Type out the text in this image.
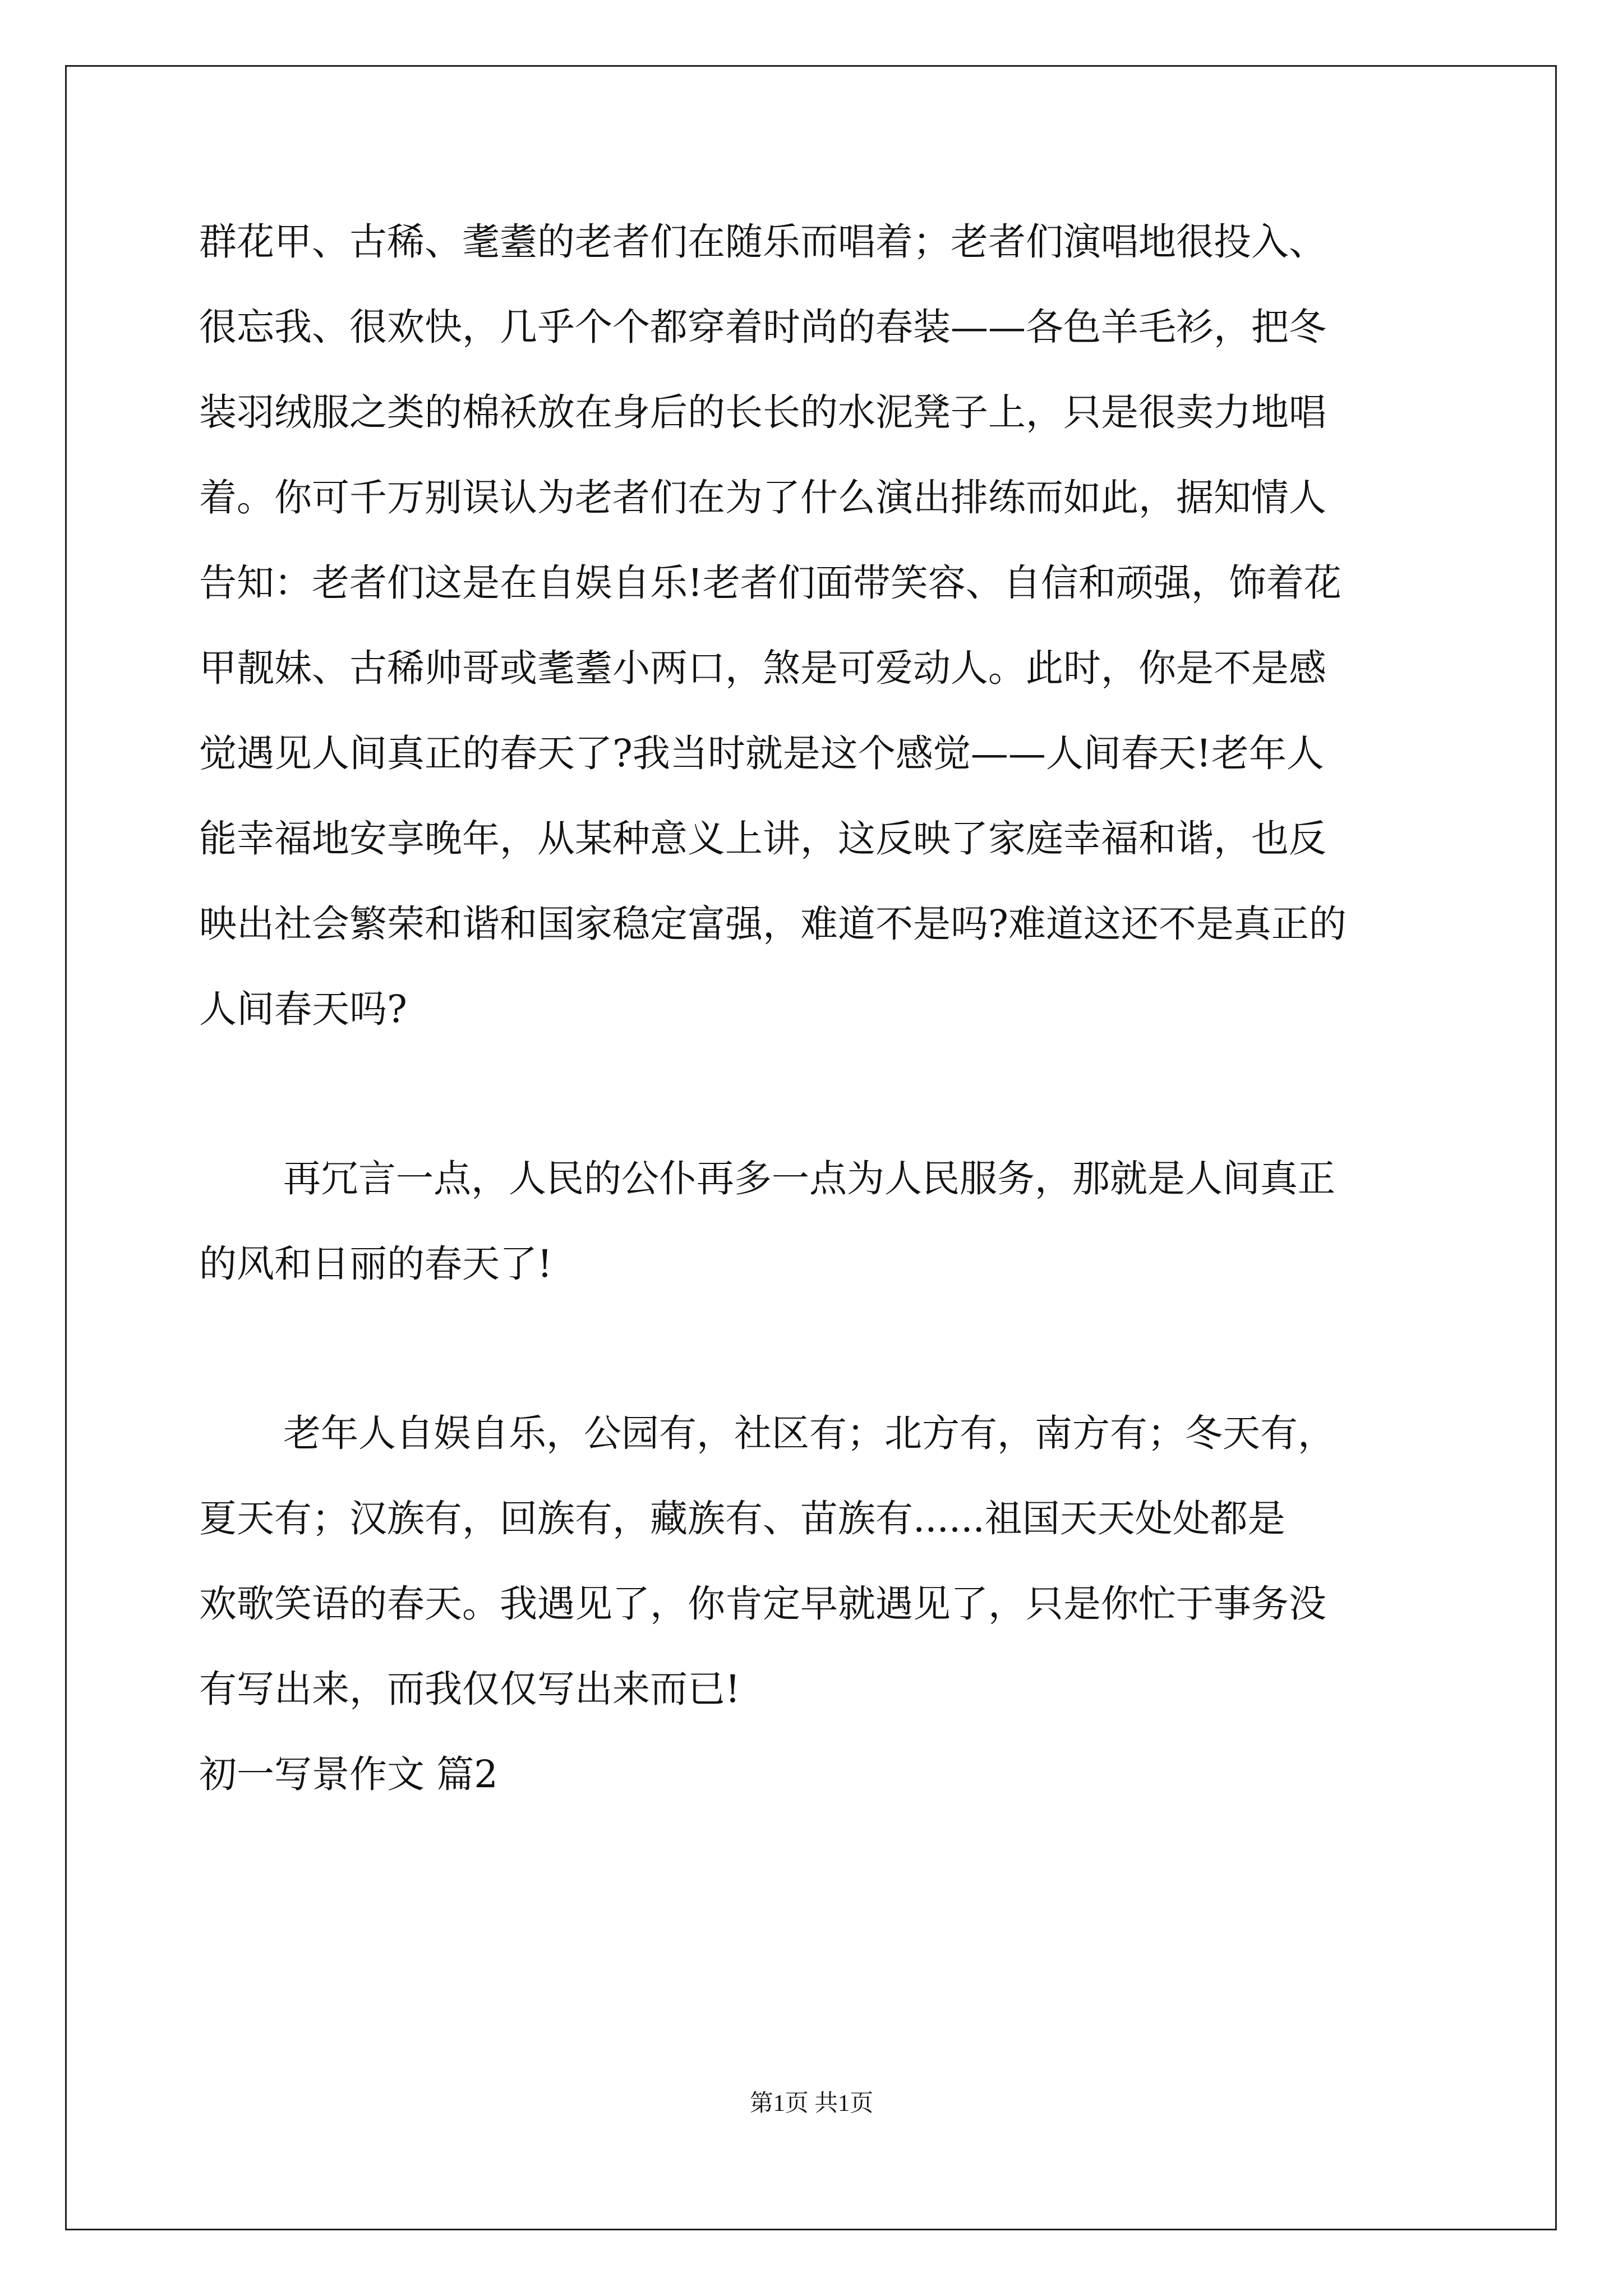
群花甲、古稀、耄耋的老者们在随乐而唱着；老者们演唱地很投入、
很忘我、很欢快，几乎个个都穿着时尚的春装——各色羊毛衫，把冬
装羽绒服之类的棉袄放在身后的长长的水泥凳子上，只是很卖力地唱
着。你可千万别误认为老者们在为了什么演出排练而如此，据知情人
告知：老者们这是在自娱自乐!老者们面带笑容、自信和顽强，饰着花
甲靓妹、古稀帅哥或耄耋小两口，煞是可爱动人。此时，你是不是感
觉遇见人间真正的春天了?我当时就是这个感觉——人间春天!老年人
能幸福地安享晚年，从某种意义上讲，这反映了家庭幸福和谐，也反
映出社会繁荣和谐和国家稳定富强，难道不是吗?难道这还不是真正的
人间春天吗?
再冗言一点，人民的公仆再多一点为人民服务，那就是人间真正
的风和日丽的春天了!
老年人自娱自乐，公园有，社区有；北方有，南方有；冬天有，
夏天有；汉族有，回族有，藏族有、苗族有......祖国天天处处都是
欢歌笑语的春天。我遇见了，你肯定早就遇见了，只是你忙于事务没
有写出来，而我仅仅写出来而已!
初一写景作文 篇2
第1页 共1页
